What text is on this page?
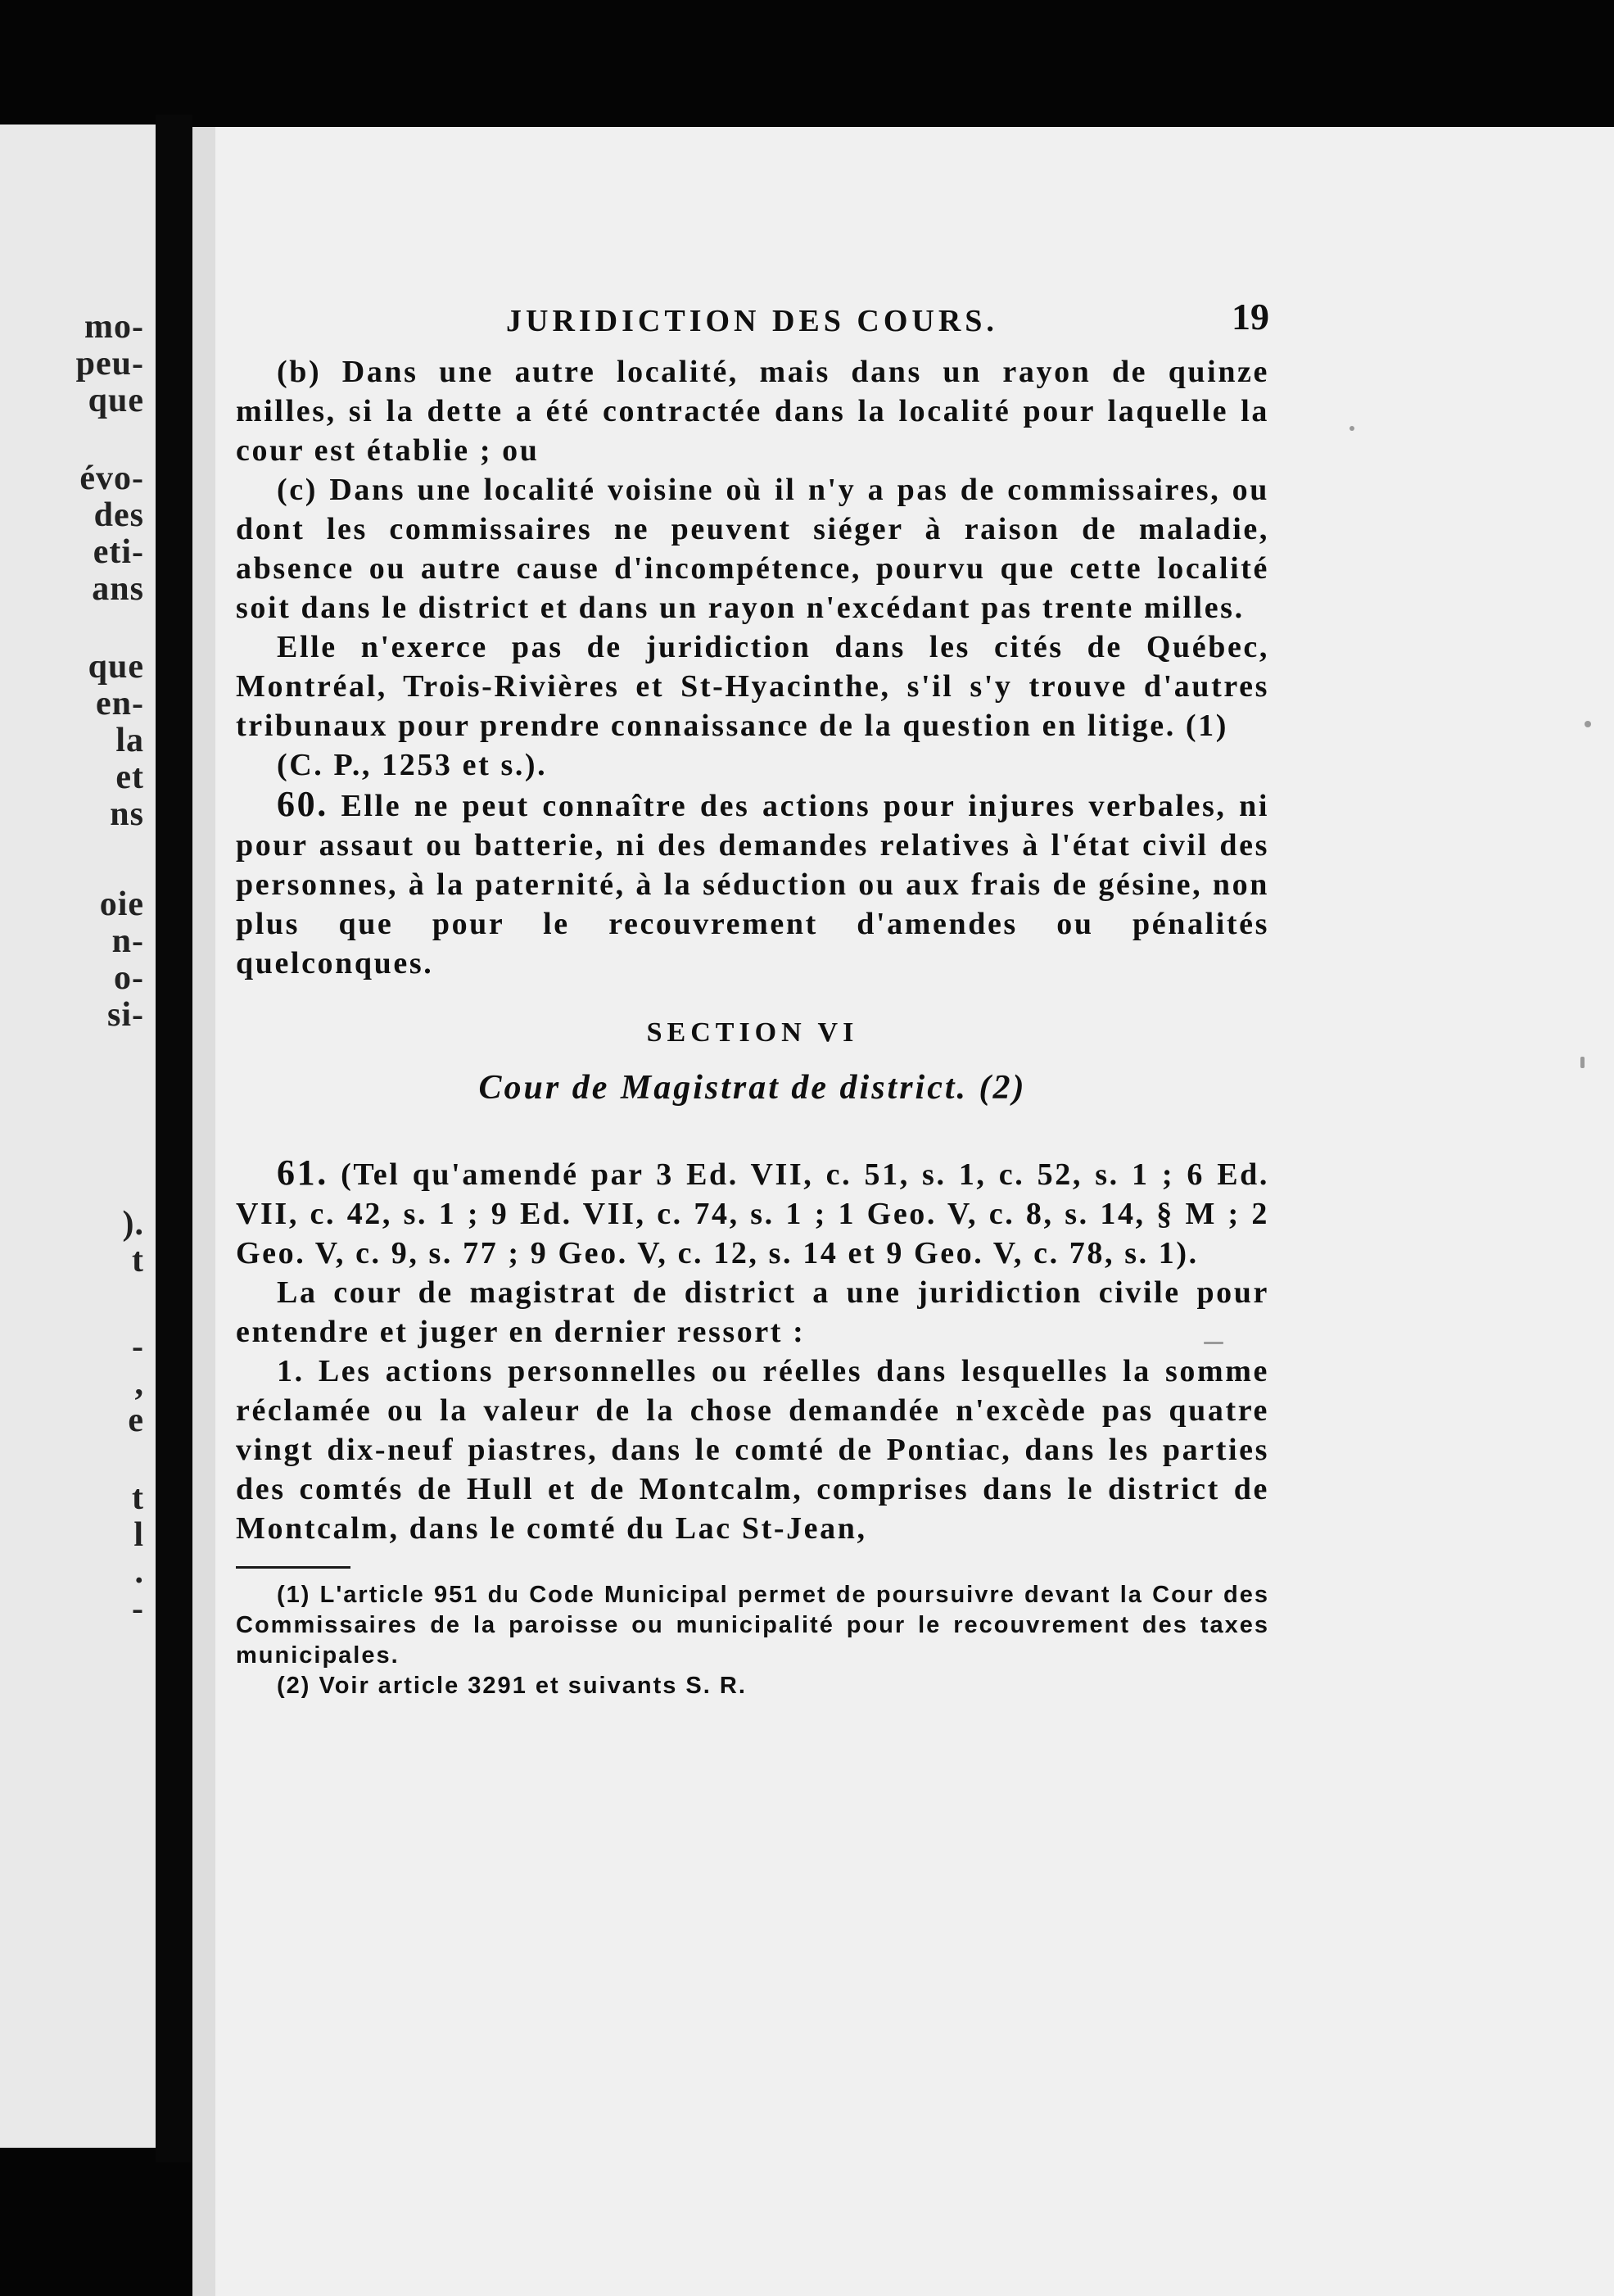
mo-
peu-
que
évo-
des
eti-
ans
que
en-
la
et
ns
oie
n-
o-
si-
).
t
-
,
e
t
l
.
-
JURIDICTION DES COURS.	19

(b) Dans une autre localité, mais dans un rayon de quinze milles, si la dette a été contractée dans la localité pour laquelle la cour est établie ; ou

(c) Dans une localité voisine où il n'y a pas de commissaires, ou dont les commissaires ne peuvent siéger à raison de maladie, absence ou autre cause d'incompétence, pourvu que cette localité soit dans le district et dans un rayon n'excédant pas trente milles.

Elle n'exerce pas de juridiction dans les cités de Québec, Montréal, Trois-Rivières et St-Hyacinthe, s'il s'y trouve d'autres tribunaux pour prendre connaissance de la question en litige. (1)

(C. P., 1253 et s.).

60. Elle ne peut connaître des actions pour injures verbales, ni pour assaut ou batterie, ni des demandes relatives à l'état civil des personnes, à la paternité, à la séduction ou aux frais de gésine, non plus que pour le recouvrement d'amendes ou pénalités quelconques.

SECTION VI
Cour de Magistrat de district. (2)

61. (Tel qu'amendé par 3 Ed. VII, c. 51, s. 1, c. 52, s. 1 ; 6 Ed. VII, c. 42, s. 1 ; 9 Ed. VII, c. 74, s. 1 ; 1 Geo. V, c. 8, s. 14, § M ; 2 Geo. V, c. 9, s. 77 ; 9 Geo. V, c. 12, s. 14 et 9 Geo. V, c. 78, s. 1).

La cour de magistrat de district a une juridiction civile pour entendre et juger en dernier ressort :

1. Les actions personnelles ou réelles dans lesquelles la somme réclamée ou la valeur de la chose demandée n'excède pas quatre vingt dix-neuf piastres, dans le comté de Pontiac, dans les parties des comtés de Hull et de Montcalm, comprises dans le district de Montcalm, dans le comté du Lac St-Jean,

(1) L'article 951 du Code Municipal permet de poursuivre devant la Cour des Commissaires de la paroisse ou municipalité pour le recouvrement des taxes municipales.

(2) Voir article 3291 et suivants S. R.
